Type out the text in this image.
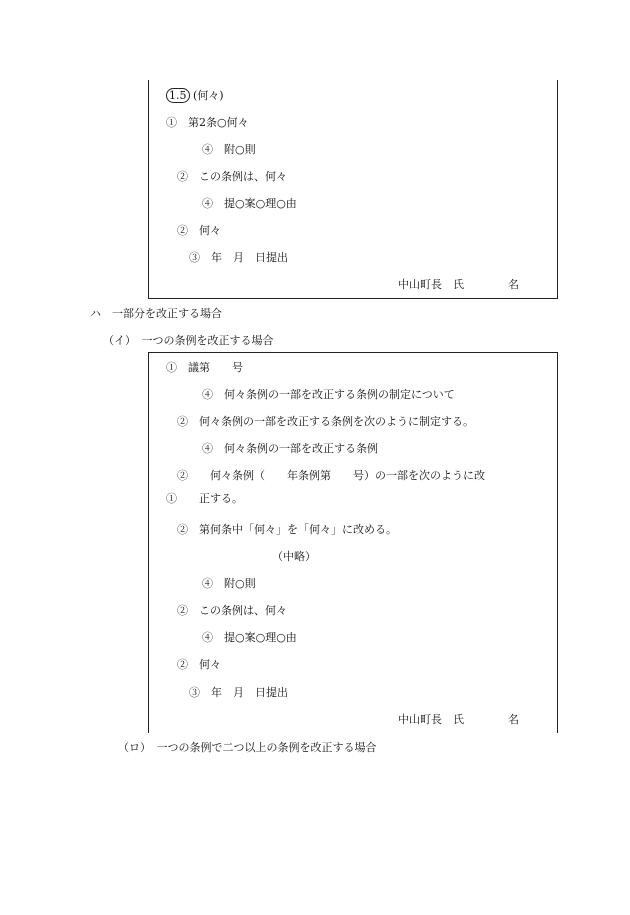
1.5 (何々)
①　第2条○何々
④　附○則
②　この条例は、何々
④　提○案○理○由
②　何々
③　年　月　日提出
中山町長　氏　　　　名
ハ　一部分を改正する場合
（イ）　一つの条例を改正する場合
①　議第　　号
④　何々条例の一部を改正する条例の制定について
②　何々条例の一部を改正する条例を次のように制定する。
④　何々条例の一部を改正する条例
②　　何々条例（　　年条例第　　号）の一部を次のように改
①　　正する。
②　第何条中「何々」を「何々」に改める。
（中略）
④　附○則
②　この条例は、何々
④　提○案○理○由
②　何々
③　年　月　日提出
中山町長　氏　　　　名
（ロ）　一つの条例で二つ以上の条例を改正する場合
